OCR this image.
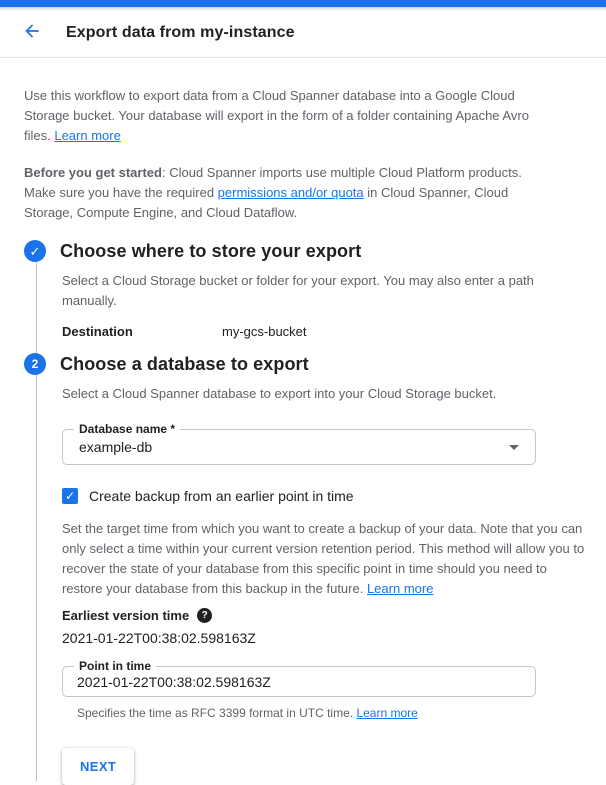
Export data from my-instance

Use this workflow to export data from a Cloud Spanner database into a Google Cloud Storage bucket. Your database will export in the form of a folder containing Apache Avro files. Learn more

Before you get started: Cloud Spanner imports use multiple Cloud Platform products. Make sure you have the required permissions and/or quota in Cloud Spanner, Cloud Storage, Compute Engine, and Cloud Dataflow.

✓ Choose where to store your export
Select a Cloud Storage bucket or folder for your export. You may also enter a path manually.
Destination	my-gcs-bucket
2 Choose a database to export
Select a Cloud Spanner database to export into your Cloud Storage bucket.
Database name *
example-db
✓ Create backup from an earlier point in time
Set the target time from which you want to create a backup of your data. Note that you can only select a time within your current version retention period. This method will allow you to recover the state of your database from this specific point in time should you need to restore your database from this backup in the future. Learn more
Earliest version time ?
2021-01-22T00:38:02.598163Z
Point in time
2021-01-22T00:38:02.598163Z
Specifies the time as RFC 3399 format in UTC time. Learn more
NEXT
